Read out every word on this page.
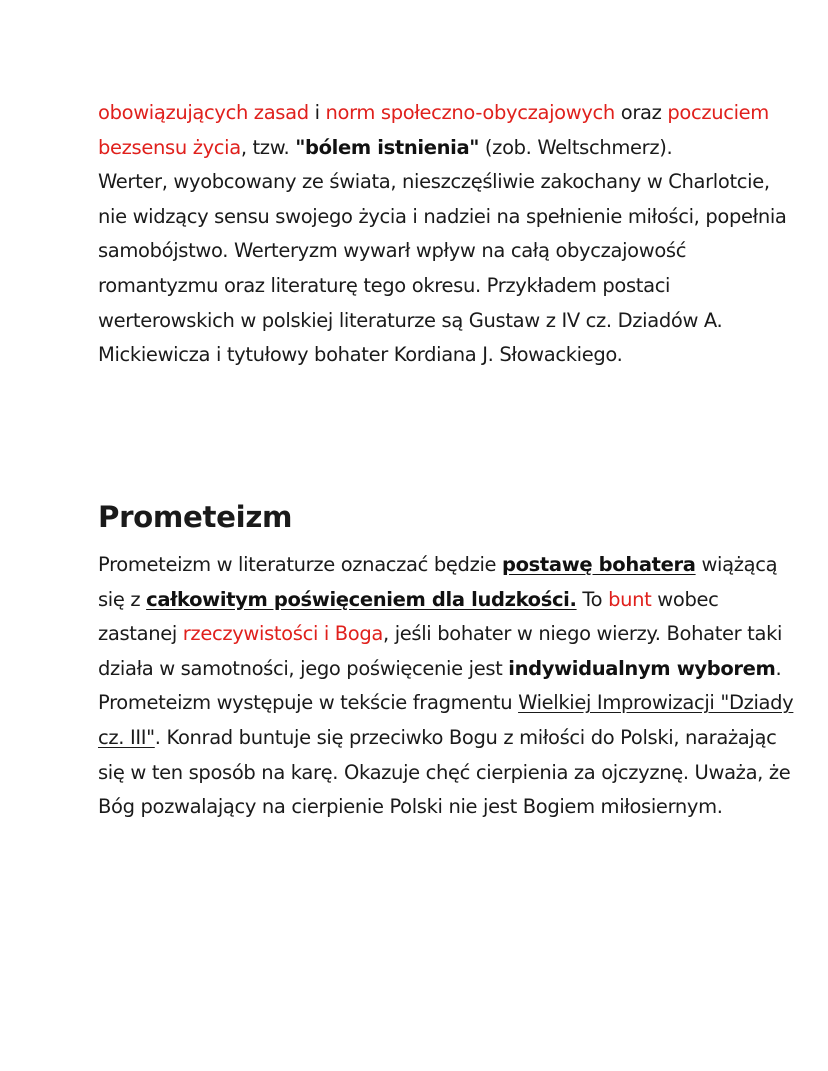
obowiązujących zasad i norm społeczno-obyczajowych oraz poczuciem bezsensu życia, tzw. "bólem istnienia" (zob. Weltschmerz).

Werter, wyobcowany ze świata, nieszczęśliwie zakochany w Charlotcie, nie widzący sensu swojego życia i nadziei na spełnienie miłości, popełnia samobójstwo. Werteryzm wywarł wpływ na całą obyczajowość romantyzmu oraz literaturę tego okresu. Przykładem postaci werterowskich w polskiej literaturze są Gustaw z IV cz. Dziadów A. Mickiewicza i tytułowy bohater Kordiana J. Słowackiego.

Prometeizm

Prometeizm w literaturze oznaczać będzie postawę bohatera wiążącą się z całkowitym poświęceniem dla ludzkości. To bunt wobec zastanej rzeczywistości i Boga, jeśli bohater w niego wierzy. Bohater taki działa w samotności, jego poświęcenie jest indywidualnym wyborem.

Prometeizm występuje w tekście fragmentu Wielkiej Improwizacji "Dziady cz. III". Konrad buntuje się przeciwko Bogu z miłości do Polski, narażając się w ten sposób na karę. Okazuje chęć cierpienia za ojczyznę. Uważa, że Bóg pozwalający na cierpienie Polski nie jest Bogiem miłosiernym.
